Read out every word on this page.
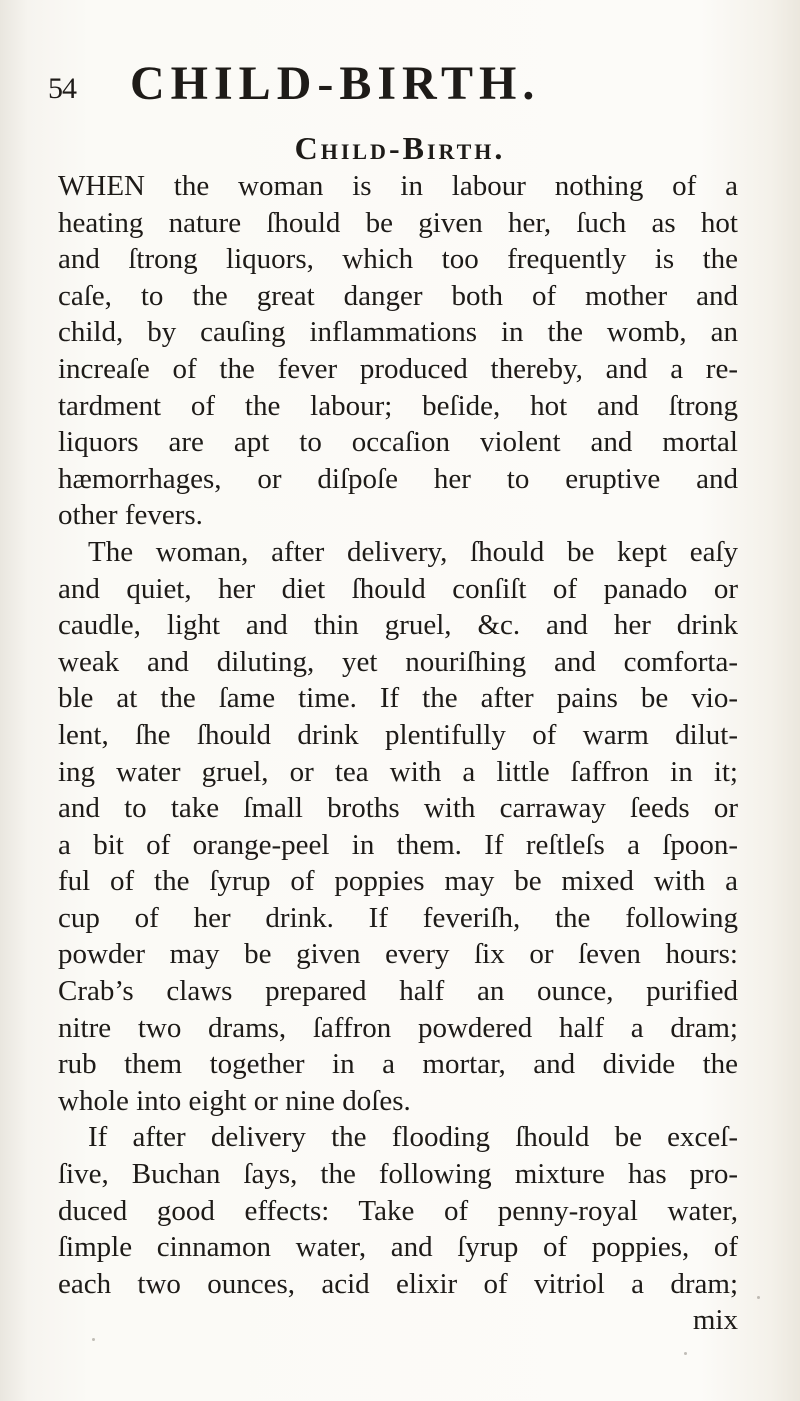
54 CHILD-BIRTH.
Child-Birth.
WHEN the woman is in labour nothing of a
heating nature ſhould be given her, ſuch as hot
and ſtrong liquors, which too frequently is the
caſe, to the great danger both of mother and
child, by cauſing inflammations in the womb, an
increaſe of the fever produced thereby, and a re-
tardment of the labour; beſide, hot and ſtrong
liquors are apt to occaſion violent and mortal
hæmorrhages, or diſpoſe her to eruptive and
other fevers.
The woman, after delivery, ſhould be kept eaſy
and quiet, her diet ſhould conſiſt of panado or
caudle, light and thin gruel, &c. and her drink
weak and diluting, yet nouriſhing and comforta-
ble at the ſame time. If the after pains be vio-
lent, ſhe ſhould drink plentifully of warm dilut-
ing water gruel, or tea with a little ſaffron in it;
and to take ſmall broths with carraway ſeeds or
a bit of orange-peel in them. If reſtleſs a ſpoon-
ful of the ſyrup of poppies may be mixed with a
cup of her drink. If feveriſh, the following
powder may be given every ſix or ſeven hours:
Crab’s claws prepared half an ounce, purified
nitre two drams, ſaffron powdered half a dram;
rub them together in a mortar, and divide the
whole into eight or nine doſes.
If after delivery the flooding ſhould be exceſ-
ſive, Buchan ſays, the following mixture has pro-
duced good effects: Take of penny-royal water,
ſimple cinnamon water, and ſyrup of poppies, of
each two ounces, acid elixir of vitriol a dram;
mix
